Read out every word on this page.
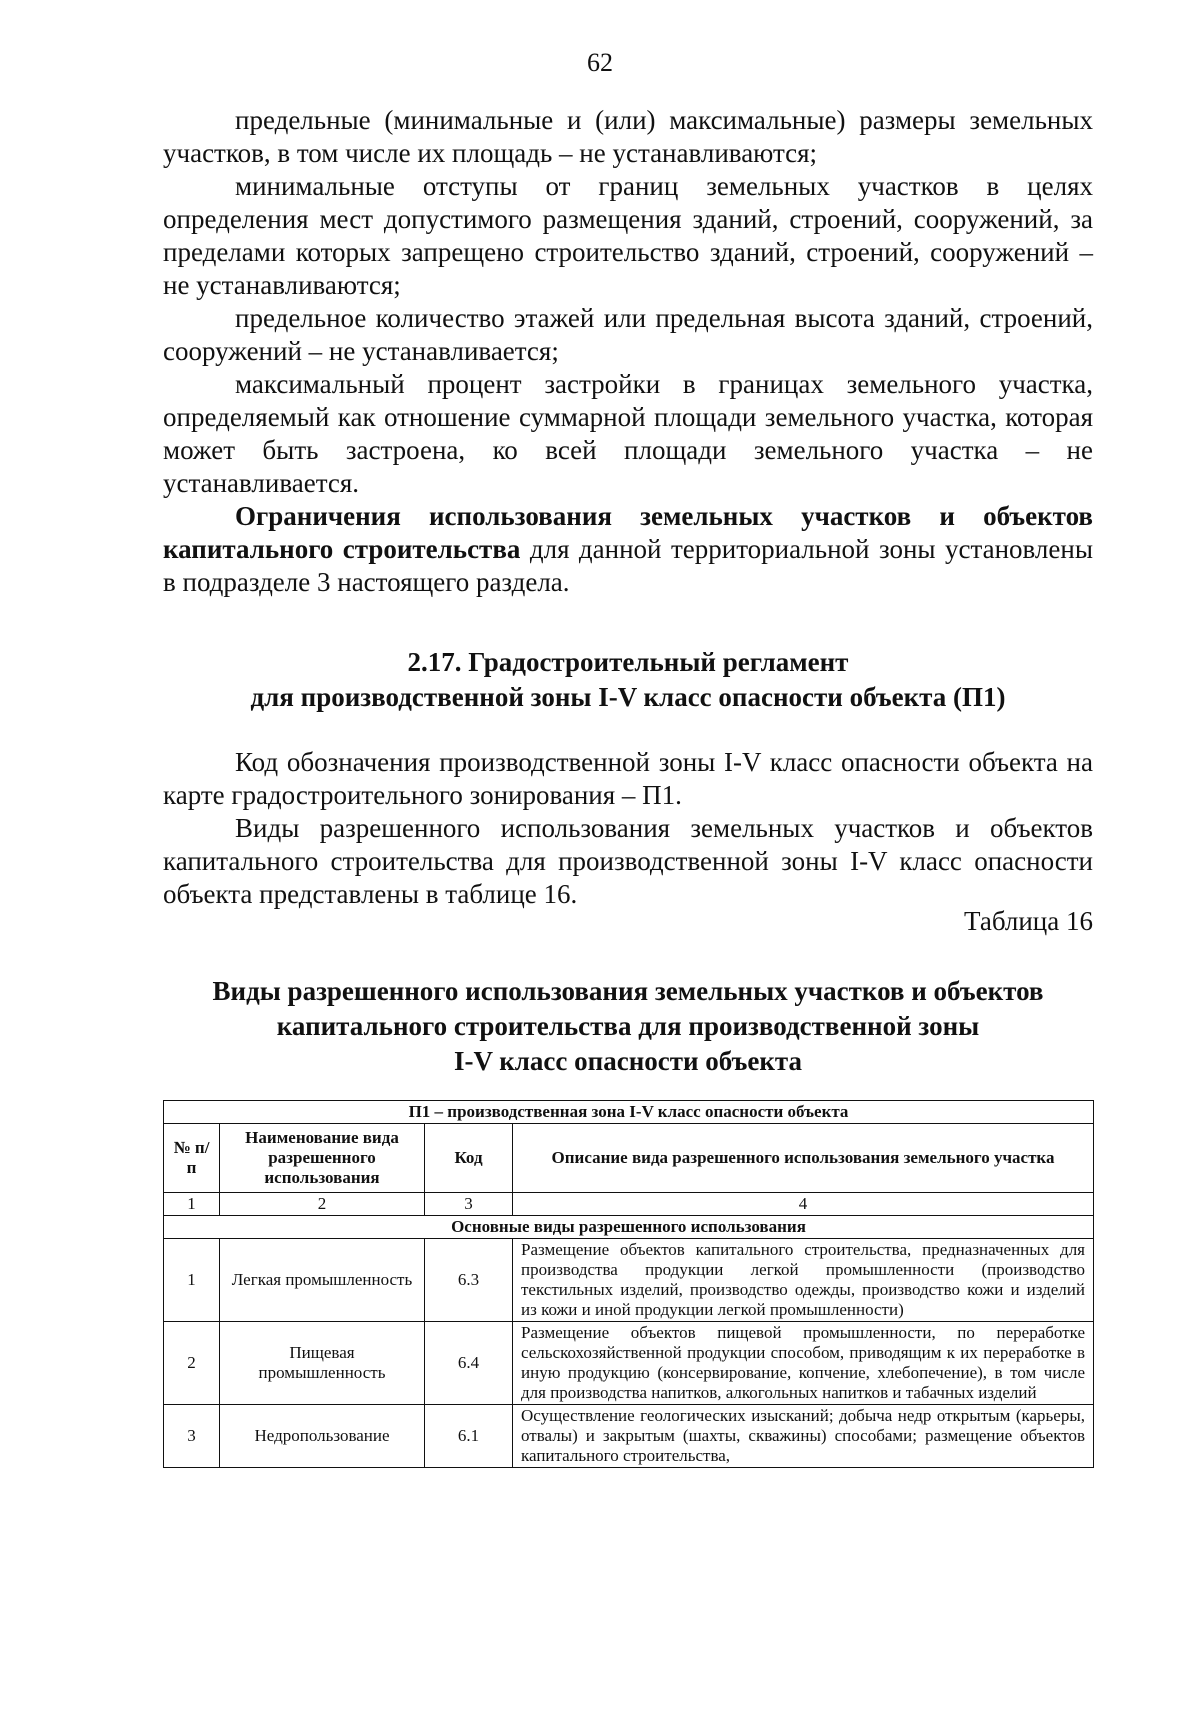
62

предельные (минимальные и (или) максимальные) размеры земельных участков, в том числе их площадь – не устанавливаются;

минимальные отступы от границ земельных участков в целях определения мест допустимого размещения зданий, строений, сооружений, за пределами которых запрещено строительство зданий, строений, сооружений – не устанавливаются;

предельное количество этажей или предельная высота зданий, строений, сооружений – не устанавливается;

максимальный процент застройки в границах земельного участка, определяемый как отношение суммарной площади земельного участка, которая может быть застроена, ко всей площади земельного участка – не устанавливается.

Ограничения использования земельных участков и объектов капитального строительства для данной территориальной зоны установлены в подразделе 3 настоящего раздела.

2.17. Градостроительный регламент
для производственной зоны I-V класс опасности объекта (П1)

Код обозначения производственной зоны I-V класс опасности объекта на карте градостроительного зонирования – П1.

Виды разрешенного использования земельных участков и объектов капитального строительства для производственной зоны I-V класс опасности объекта представлены в таблице 16.

Таблица 16
Виды разрешенного использования земельных участков и объектов
капитального строительства для производственной зоны
I-V класс опасности объекта
П1 – производственная зона I-V класс опасности объекта			
№ п/п	Наименование вида разрешенного использования	Код	Описание вида разрешенного использования земельного участка
1	2	3	4
Основные виды разрешенного использования			
1	Легкая промышленность	6.3	Размещение объектов капитального строительства, предназначенных для производства продукции легкой промышленности (производство текстильных изделий, производство одежды, производство кожи и изделий из кожи и иной продукции легкой промышленности)
2	Пищевая промышленность	6.4	Размещение объектов пищевой промышленности, по переработке сельскохозяйственной продукции способом, приводящим к их переработке в иную продукцию (консервирование, копчение, хлебопечение), в том числе для производства напитков, алкогольных напитков и табачных изделий
3	Недропользование	6.1	Осуществление геологических изысканий; добыча недр открытым (карьеры, отвалы) и закрытым (шахты, скважины) способами; размещение объектов капитального строительства,
